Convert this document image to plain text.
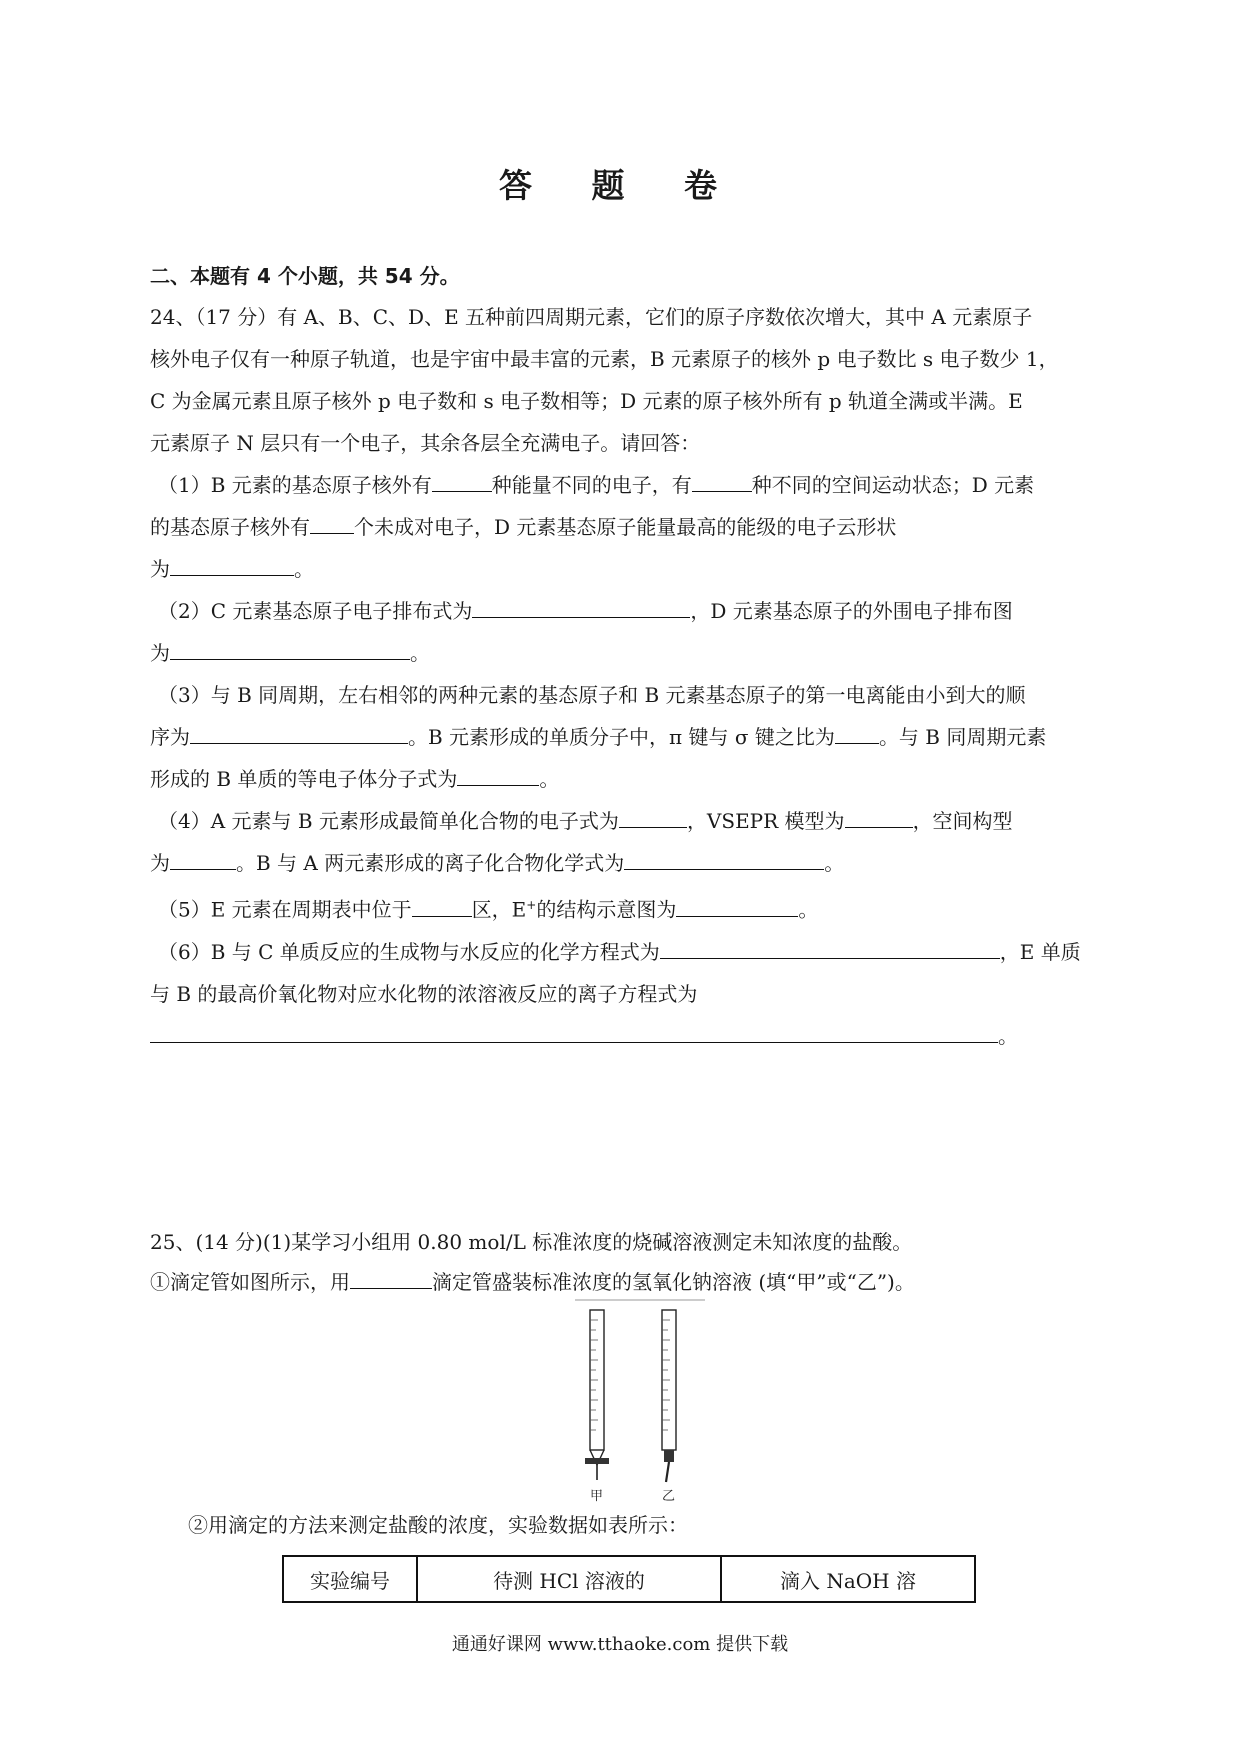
答 题 卷
二、本题有 4 个小题，共 54 分。

24、（17 分）有 A、B、C、D、E 五种前四周期元素，它们的原子序数依次增大，其中 A 元素原子

核外电子仅有一种原子轨道，也是宇宙中最丰富的元素，B 元素原子的核外 p 电子数比 s 电子数少 1，

C 为金属元素且原子核外 p 电子数和 s 电子数相等；D 元素的原子核外所有 p 轨道全满或半满。E

元素原子 N 层只有一个电子，其余各层全充满电子。请回答：

（1）B 元素的基态原子核外有	种能量不同的电子，有	种不同的空间运动状态；D 元素

的基态原子核外有 个未成对电子，D 元素基态原子能量最高的能级的电子云形状

为	。

（2）C 元素基态原子电子排布式为	，D 元素基态原子的外围电子排布图

为	。

（3）与 B 同周期，左右相邻的两种元素的基态原子和 B 元素基态原子的第一电离能由小到大的顺

序为	。B 元素形成的单质分子中，π 键与 σ 键之比为 。与 B 同周期元素

形成的 B 单质的等电子体分子式为	。

（4）A 元素与 B 元素形成最简单化合物的电子式为	，VSEPR 模型为	，空间构型

为	。B 与 A 两元素形成的离子化合物化学式为	。

（5）E 元素在周期表中位于	区，E+的结构示意图为	。

（6）B 与 C 单质反应的生成物与水反应的化学方程式为	，E 单质

与 B 的最高价氧化物对应水化物的浓溶液反应的离子方程式为

。

25、(14 分)(1)某学习小组用 0.80 mol/L 标准浓度的烧碱溶液测定未知浓度的盐酸。

①滴定管如图所示，用	滴定管盛装标准浓度的氢氧化钠溶液 (填“甲”或“乙”)。

甲	乙

②用滴定的方法来测定盐酸的浓度，实验数据如表所示：

实验编号	待测 HCl 溶液的	滴入 NaOH 溶
通通好课网 www.tthaoke.com 提供下载
